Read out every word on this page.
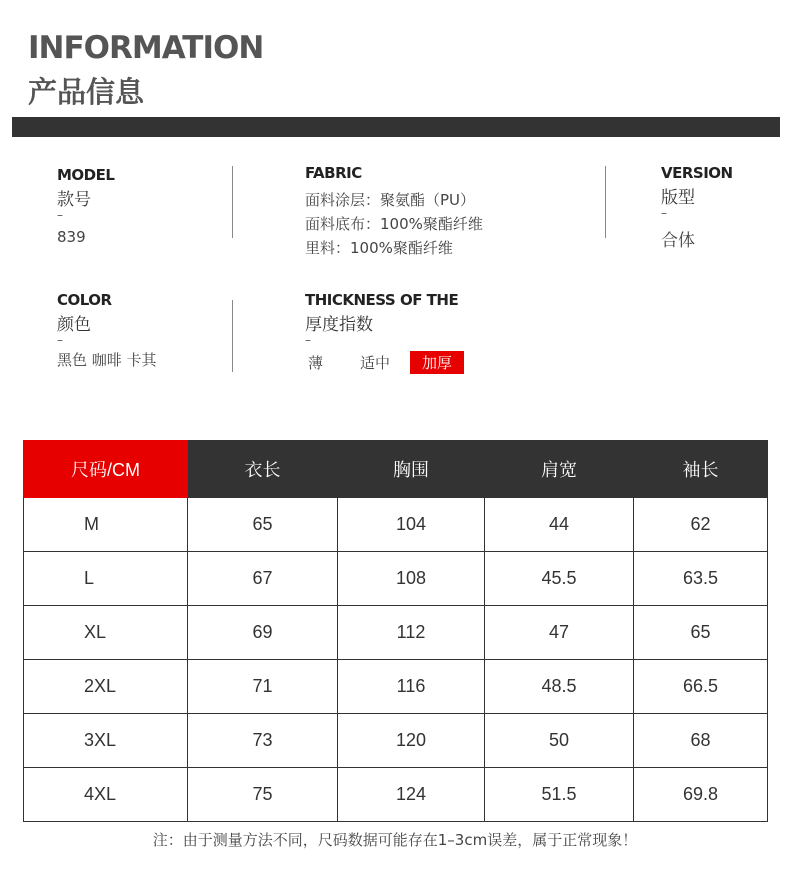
INFORMATION
产品信息
MODEL
款号
–
839
FABRIC
面料涂层：聚氨酯（PU）
面料底布：100%聚酯纤维
里料：100%聚酯纤维
VERSION
版型
–
合体
COLOR
颜色
–
黑色 咖啡 卡其
THICKNESS OF THE
厚度指数
–
薄	适中	加厚
尺码/CM	衣长	胸围	肩宽	袖长
M	65	104	44	62
L	67	108	45.5	63.5
XL	69	112	47	65
2XL	71	116	48.5	66.5
3XL	73	120	50	68
4XL	75	124	51.5	69.8
注：由于测量方法不同，尺码数据可能存在1–3cm误差，属于正常现象！
